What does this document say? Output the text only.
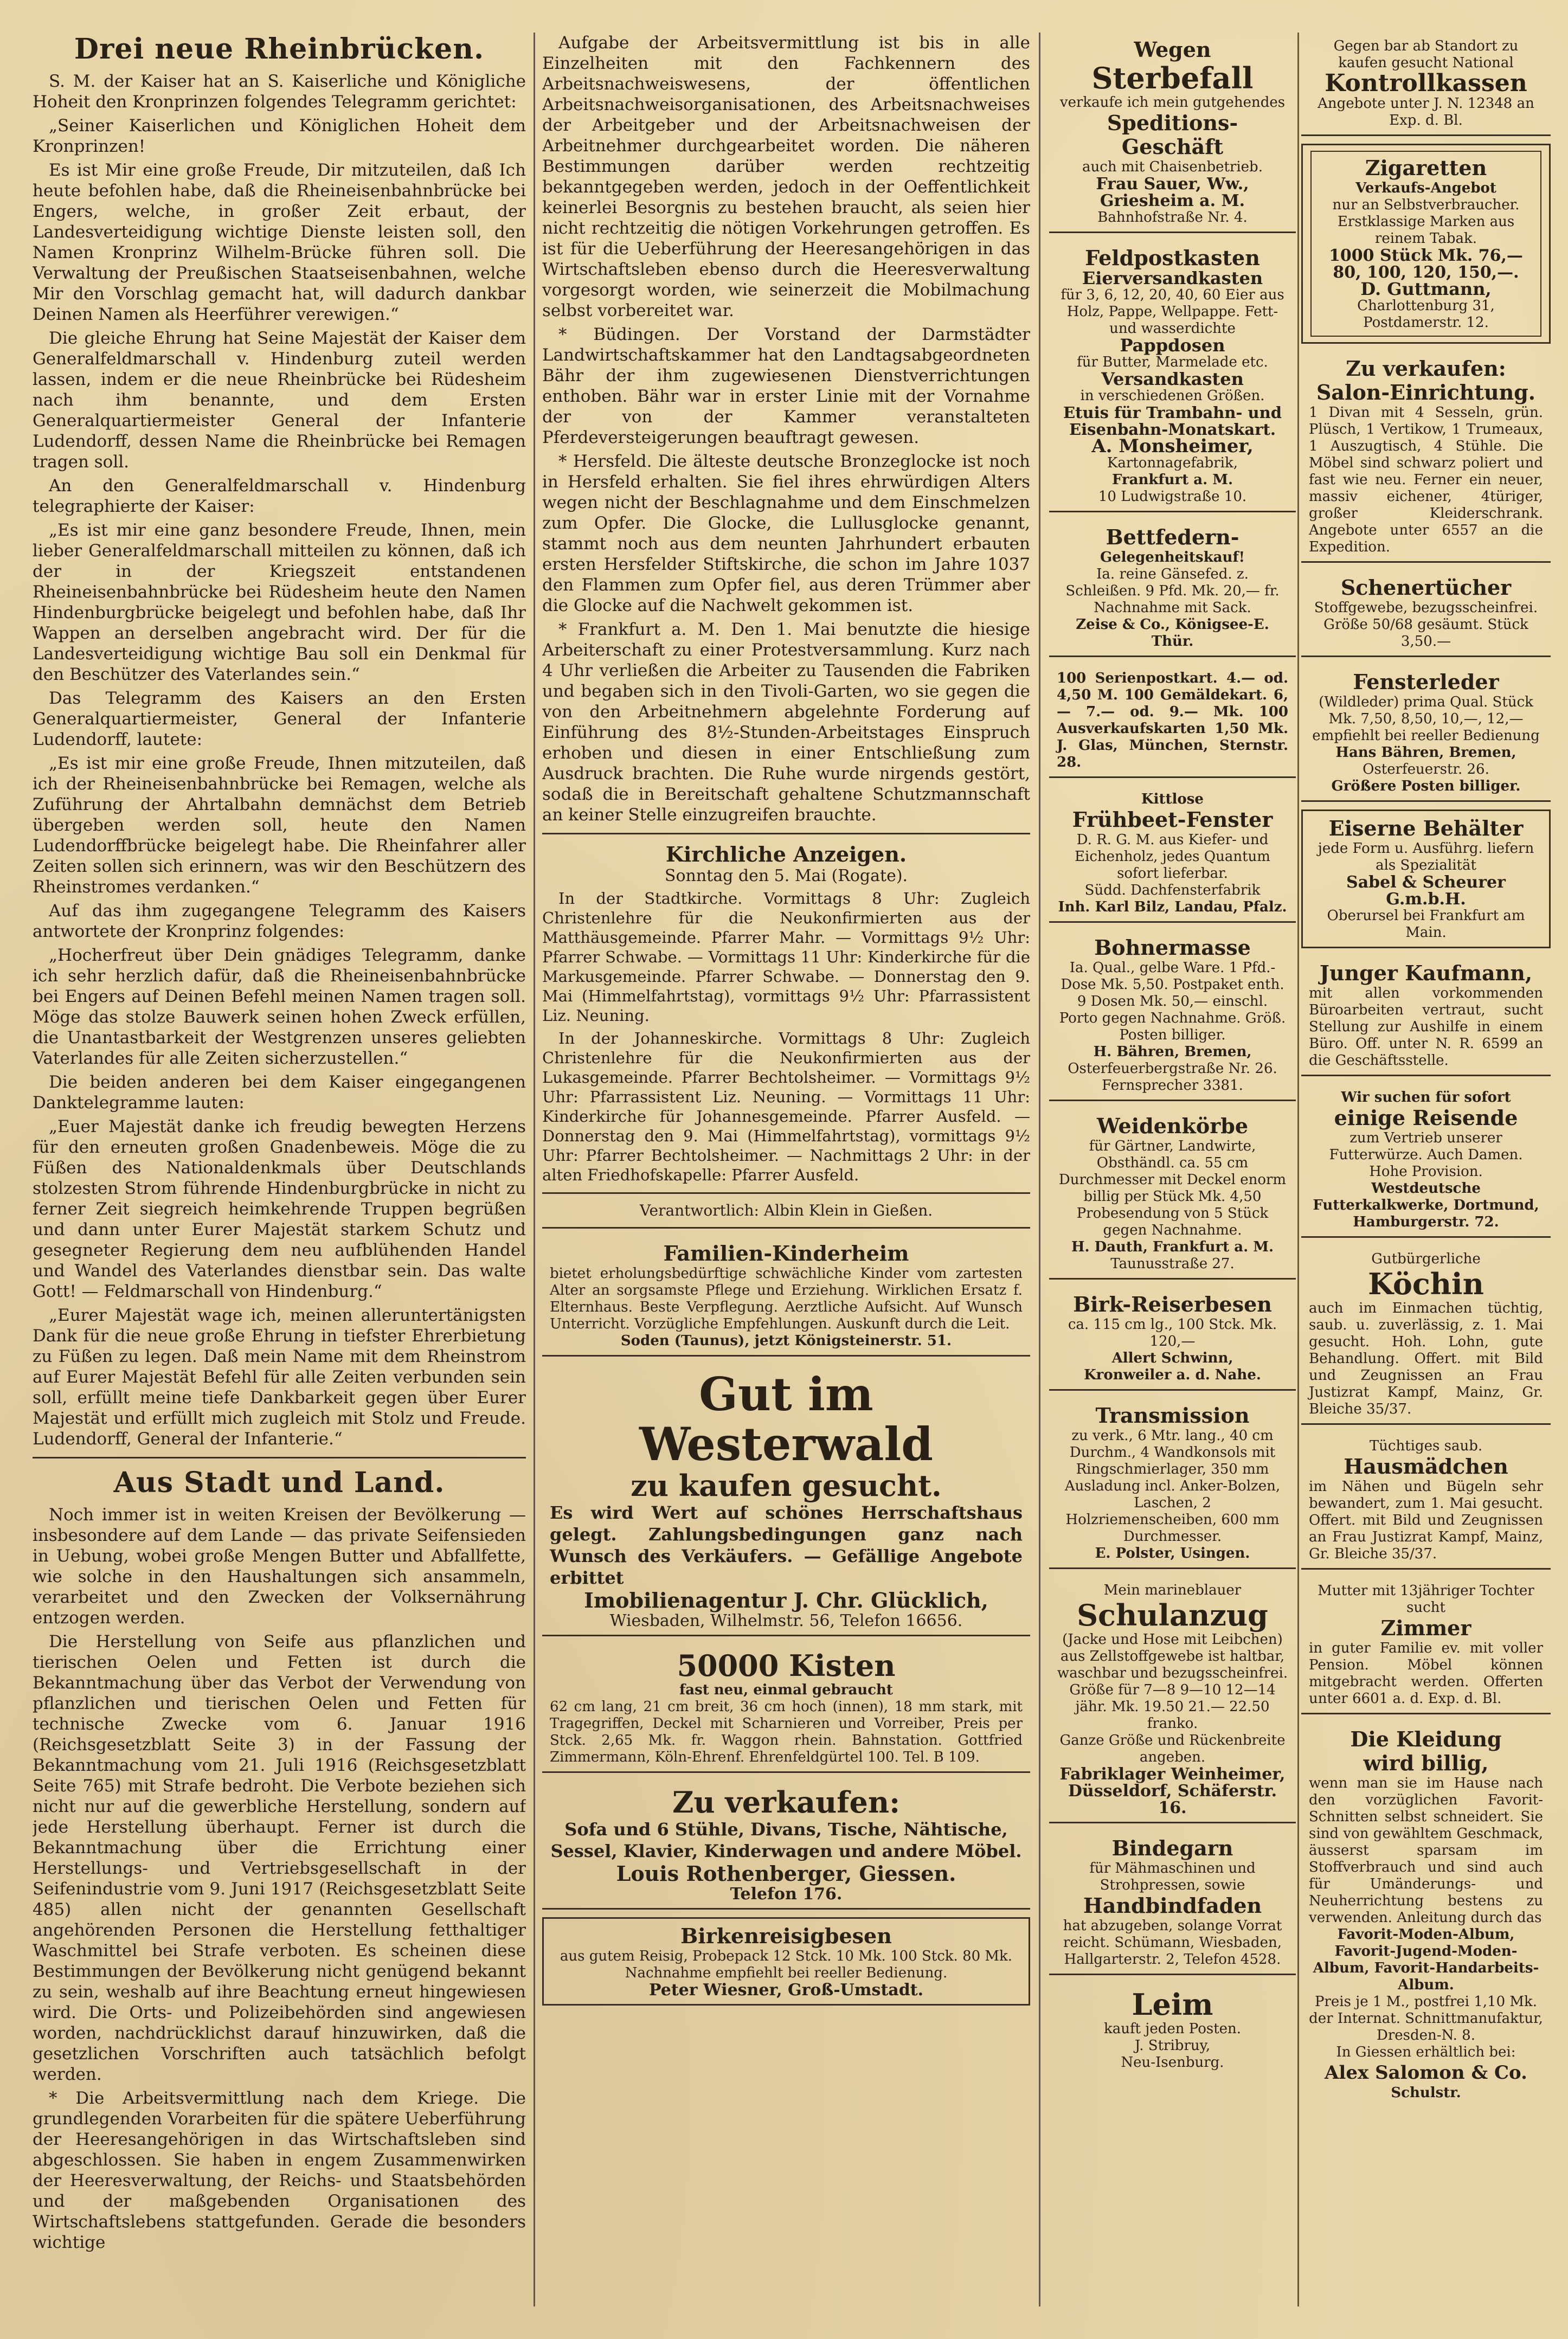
Drei neue Rheinbrücken.

S. M. der Kaiser hat an S. Kaiserliche und Königliche Hoheit den Kronprinzen folgendes Telegramm gerichtet:

„Seiner Kaiserlichen und Königlichen Hoheit dem Kronprinzen!

Es ist Mir eine große Freude, Dir mitzuteilen, daß Ich heute befohlen habe, daß die Rheineisenbahnbrücke bei Engers, welche, in großer Zeit erbaut, der Landesverteidigung wichtige Dienste leisten soll, den Namen Kronprinz Wilhelm-Brücke führen soll. Die Verwaltung der Preußischen Staatseisenbahnen, welche Mir den Vorschlag gemacht hat, will dadurch dankbar Deinen Namen als Heerführer verewigen.“

Die gleiche Ehrung hat Seine Majestät der Kaiser dem Generalfeldmarschall v. Hindenburg zuteil werden lassen, indem er die neue Rheinbrücke bei Rüdesheim nach ihm benannte, und dem Ersten Generalquartiermeister General der Infanterie Ludendorff, dessen Name die Rheinbrücke bei Remagen tragen soll.

An den Generalfeldmarschall v. Hindenburg telegraphierte der Kaiser:

„Es ist mir eine ganz besondere Freude, Ihnen, mein lieber Generalfeldmarschall mitteilen zu können, daß ich der in der Kriegszeit entstandenen Rheineisenbahnbrücke bei Rüdesheim heute den Namen Hindenburgbrücke beigelegt und befohlen habe, daß Ihr Wappen an derselben angebracht wird. Der für die Landesverteidigung wichtige Bau soll ein Denkmal für den Beschützer des Vaterlandes sein.“

Das Telegramm des Kaisers an den Ersten Generalquartiermeister, General der Infanterie Ludendorff, lautete:

„Es ist mir eine große Freude, Ihnen mitzuteilen, daß ich der Rheineisenbahnbrücke bei Remagen, welche als Zuführung der Ahrtalbahn demnächst dem Betrieb übergeben werden soll, heute den Namen Ludendorffbrücke beigelegt habe. Die Rheinfahrer aller Zeiten sollen sich erinnern, was wir den Beschützern des Rheinstromes verdanken.“

Auf das ihm zugegangene Telegramm des Kaisers antwortete der Kronprinz folgendes:

„Hocherfreut über Dein gnädiges Telegramm, danke ich sehr herzlich dafür, daß die Rheineisenbahnbrücke bei Engers auf Deinen Befehl meinen Namen tragen soll. Möge das stolze Bauwerk seinen hohen Zweck erfüllen, die Unantastbarkeit der Westgrenzen unseres geliebten Vaterlandes für alle Zeiten sicherzustellen.“

Die beiden anderen bei dem Kaiser eingegangenen Danktelegramme lauten:

„Euer Majestät danke ich freudig bewegten Herzens für den erneuten großen Gnadenbeweis. Möge die zu Füßen des Nationaldenkmals über Deutschlands stolzesten Strom führende Hindenburgbrücke in nicht zu ferner Zeit siegreich heimkehrende Truppen begrüßen und dann unter Eurer Majestät starkem Schutz und gesegneter Regierung dem neu aufblühenden Handel und Wandel des Vaterlandes dienstbar sein. Das walte Gott! — Feldmarschall von Hindenburg.“

„Eurer Majestät wage ich, meinen alleruntertänigsten Dank für die neue große Ehrung in tiefster Ehrerbietung zu Füßen zu legen. Daß mein Name mit dem Rheinstrom auf Eurer Majestät Befehl für alle Zeiten verbunden sein soll, erfüllt meine tiefe Dankbarkeit gegen über Eurer Majestät und erfüllt mich zugleich mit Stolz und Freude. Ludendorff, General der Infanterie.“

Aus Stadt und Land.

Noch immer ist in weiten Kreisen der Bevölkerung — insbesondere auf dem Lande — das private Seifensieden in Uebung, wobei große Mengen Butter und Abfallfette, wie solche in den Haushaltungen sich ansammeln, verarbeitet und den Zwecken der Volksernährung entzogen werden.

Die Herstellung von Seife aus pflanzlichen und tierischen Oelen und Fetten ist durch die Bekanntmachung über das Verbot der Verwendung von pflanzlichen und tierischen Oelen und Fetten für technische Zwecke vom 6. Januar 1916 (Reichsgesetzblatt Seite 3) in der Fassung der Bekanntmachung vom 21. Juli 1916 (Reichsgesetzblatt Seite 765) mit Strafe bedroht. Die Verbote beziehen sich nicht nur auf die gewerbliche Herstellung, sondern auf jede Herstellung überhaupt. Ferner ist durch die Bekanntmachung über die Errichtung einer Herstellungs- und Vertriebsgesellschaft in der Seifenindustrie vom 9. Juni 1917 (Reichsgesetzblatt Seite 485) allen nicht der genannten Gesellschaft angehörenden Personen die Herstellung fetthaltiger Waschmittel bei Strafe verboten. Es scheinen diese Bestimmungen der Bevölkerung nicht genügend bekannt zu sein, weshalb auf ihre Beachtung erneut hingewiesen wird. Die Orts- und Polizeibehörden sind angewiesen worden, nachdrücklichst darauf hinzuwirken, daß die gesetzlichen Vorschriften auch tatsächlich befolgt werden.

* Die Arbeitsvermittlung nach dem Kriege. Die grundlegenden Vorarbeiten für die spätere Ueberführung der Heeresangehörigen in das Wirtschaftsleben sind abgeschlossen. Sie haben in engem Zusammenwirken der Heeresverwaltung, der Reichs- und Staatsbehörden und der maßgebenden Organisationen des Wirtschaftslebens stattgefunden. Gerade die besonders wichtige

Aufgabe der Arbeitsvermittlung ist bis in alle Einzelheiten mit den Fachkennern des Arbeitsnachweiswesens, der öffentlichen Arbeitsnachweisorganisationen, des Arbeitsnachweises der Arbeitgeber und der Arbeitsnachweisen der Arbeitnehmer durchgearbeitet worden. Die näheren Bestimmungen darüber werden rechtzeitig bekanntgegeben werden, jedoch in der Oeffentlichkeit keinerlei Besorgnis zu bestehen braucht, als seien hier nicht rechtzeitig die nötigen Vorkehrungen getroffen. Es ist für die Ueberführung der Heeresangehörigen in das Wirtschaftsleben ebenso durch die Heeresverwaltung vorgesorgt worden, wie seinerzeit die Mobilmachung selbst vorbereitet war.

* Büdingen. Der Vorstand der Darmstädter Landwirtschaftskammer hat den Landtagsabgeordneten Bähr der ihm zugewiesenen Dienstverrichtungen enthoben. Bähr war in erster Linie mit der Vornahme der von der Kammer veranstalteten Pferdeversteigerungen beauftragt gewesen.

* Hersfeld. Die älteste deutsche Bronzeglocke ist noch in Hersfeld erhalten. Sie fiel ihres ehrwürdigen Alters wegen nicht der Beschlagnahme und dem Einschmelzen zum Opfer. Die Glocke, die Lullusglocke genannt, stammt noch aus dem neunten Jahrhundert erbauten ersten Hersfelder Stiftskirche, die schon im Jahre 1037 den Flammen zum Opfer fiel, aus deren Trümmer aber die Glocke auf die Nachwelt gekommen ist.

* Frankfurt a. M. Den 1. Mai benutzte die hiesige Arbeiterschaft zu einer Protestversammlung. Kurz nach 4 Uhr verließen die Arbeiter zu Tausenden die Fabriken und begaben sich in den Tivoli-Garten, wo sie gegen die von den Arbeitnehmern abgelehnte Forderung auf Einführung des 8½-Stunden-Arbeitstages Einspruch erhoben und diesen in einer Entschließung zum Ausdruck brachten. Die Ruhe wurde nirgends gestört, sodaß die in Bereitschaft gehaltene Schutzmannschaft an keiner Stelle einzugreifen brauchte.

Kirchliche Anzeigen.
Sonntag den 5. Mai (Rogate).

In der Stadtkirche. Vormittags 8 Uhr: Zugleich Christenlehre für die Neukonfirmierten aus der Matthäusgemeinde. Pfarrer Mahr. — Vormittags 9½ Uhr: Pfarrer Schwabe. — Vormittags 11 Uhr: Kinderkirche für die Markusgemeinde. Pfarrer Schwabe. — Donnerstag den 9. Mai (Himmelfahrtstag), vormittags 9½ Uhr: Pfarrassistent Liz. Neuning.

In der Johanneskirche. Vormittags 8 Uhr: Zugleich Christenlehre für die Neukonfirmierten aus der Lukasgemeinde. Pfarrer Bechtolsheimer. — Vormittags 9½ Uhr: Pfarrassistent Liz. Neuning. — Vormittags 11 Uhr: Kinderkirche für Johannesgemeinde. Pfarrer Ausfeld. — Donnerstag den 9. Mai (Himmelfahrtstag), vormittags 9½ Uhr: Pfarrer Bechtolsheimer. — Nachmittags 2 Uhr: in der alten Friedhofskapelle: Pfarrer Ausfeld.

Verantwortlich: Albin Klein in Gießen.
Familien-Kinderheim
bietet erholungsbedürftige schwächliche Kinder vom zartesten Alter an sorgsamste Pflege und Erziehung. Wirklichen Ersatz f. Elternhaus. Beste Verpflegung. Aerztliche Aufsicht. Auf Wunsch Unterricht. Vorzügliche Empfehlungen. Auskunft durch die Leit.
Soden (Taunus), jetzt Königsteinerstr. 51.
Gut im Westerwald
zu kaufen gesucht.
Es wird Wert auf schönes Herrschaftshaus gelegt. Zahlungsbedingungen ganz nach Wunsch des Verkäufers. — Gefällige Angebote erbittet
Imobilienagentur J. Chr. Glücklich,
Wiesbaden, Wilhelmstr. 56, Telefon 16656.
50000 Kisten
fast neu, einmal gebraucht
62 cm lang, 21 cm breit, 36 cm hoch (innen), 18 mm stark, mit Tragegriffen, Deckel mit Scharnieren und Vorreiber, Preis per Stck. 2,65 Mk. fr. Waggon rhein. Bahnstation. Gottfried Zimmermann, Köln-Ehrenf. Ehrenfeldgürtel 100. Tel. B 109.
Zu verkaufen:
Sofa und 6 Stühle, Divans, Tische, Nähtische, Sessel, Klavier, Kinderwagen und andere Möbel.
Louis Rothenberger, Giessen.
Telefon 176.
Birkenreisigbesen
aus gutem Reisig, Probepack 12 Stck. 10 Mk. 100 Stck. 80 Mk. Nachnahme empfiehlt bei reeller Bedienung.
Peter Wiesner, Groß-Umstadt.
Wegen
Sterbefall
verkaufe ich mein gutgehendes
Speditions-Geschäft
auch mit Chaisenbetrieb.
Frau Sauer, Ww.,
Griesheim a. M.
Bahnhofstraße Nr. 4.
Feldpostkasten
Eierversandkasten
für 3, 6, 12, 20, 40, 60 Eier aus Holz, Pappe, Wellpappe. Fett- und wasserdichte
Pappdosen
für Butter, Marmelade etc.
Versandkasten
in verschiedenen Größen.
Etuis für Trambahn- und Eisenbahn-Monatskart.
A. Monsheimer,
Kartonnagefabrik,
Frankfurt a. M.
10 Ludwigstraße 10.
Bettfedern-
Gelegenheitskauf!
Ia. reine Gänsefed. z. Schleißen. 9 Pfd. Mk. 20,— fr. Nachnahme mit Sack.
Zeise & Co., Königsee-E. Thür.
100 Serienpostkart. 4.— od. 4,50 M. 100 Gemäldekart. 6,— 7.— od. 9.— Mk. 100 Ausverkaufskarten 1,50 Mk. J. Glas, München, Sternstr. 28.
Kittlose
Frühbeet-Fenster
D. R. G. M. aus Kiefer- und Eichenholz, jedes Quantum sofort lieferbar.
Südd. Dachfensterfabrik
Inh. Karl Bilz, Landau, Pfalz.
Bohnermasse
Ia. Qual., gelbe Ware. 1 Pfd.-Dose Mk. 5,50. Postpaket enth. 9 Dosen Mk. 50,— einschl. Porto gegen Nachnahme. Größ. Posten billiger.
H. Bähren, Bremen,
Osterfeuerbergstraße Nr. 26.
Fernsprecher 3381.
Weidenkörbe
für Gärtner, Landwirte, Obsthändl. ca. 55 cm Durchmesser mit Deckel enorm billig per Stück Mk. 4,50 Probesendung von 5 Stück gegen Nachnahme.
H. Dauth, Frankfurt a. M.
Taunusstraße 27.
Birk-Reiserbesen
ca. 115 cm lg., 100 Stck. Mk. 120,—
Allert Schwinn,
Kronweiler a. d. Nahe.
Transmission
zu verk., 6 Mtr. lang., 40 cm Durchm., 4 Wandkonsols mit Ringschmierlager, 350 mm Ausladung incl. Anker-Bolzen, Laschen, 2 Holzriemenscheiben, 600 mm Durchmesser.
E. Polster, Usingen.
Mein marineblauer
Schulanzug
(Jacke und Hose mit Leibchen) aus Zellstoffgewebe ist haltbar, waschbar und bezugsscheinfrei.
Größe für 7—8 9—10 12—14 jähr. Mk. 19.50 21.— 22.50 franko.
Ganze Größe und Rückenbreite angeben.
Fabriklager Weinheimer,
Düsseldorf, Schäferstr. 16.
Bindegarn
für Mähmaschinen und Strohpressen, sowie
Handbindfaden
hat abzugeben, solange Vorrat reicht. Schümann, Wiesbaden, Hallgarterstr. 2, Telefon 4528.
Leim
kauft jeden Posten.
J. Stribruy,
Neu-Isenburg.
Gegen bar ab Standort zu kaufen gesucht National
Kontrollkassen
Angebote unter J. N. 12348 an Exp. d. Bl.
Zigaretten
Verkaufs-Angebot
nur an Selbstverbraucher. Erstklassige Marken aus reinem Tabak.
1000 Stück Mk. 76,— 80, 100, 120, 150,—.
D. Guttmann,
Charlottenburg 31, Postdamerstr. 12.
Zu verkaufen:
Salon-Einrichtung.
1 Divan mit 4 Sesseln, grün. Plüsch, 1 Vertikow, 1 Trumeaux, 1 Auszugtisch, 4 Stühle. Die Möbel sind schwarz poliert und fast wie neu. Ferner ein neuer, massiv eichener, 4türiger, großer Kleiderschrank. Angebote unter 6557 an die Expedition.
Schenertücher
Stoffgewebe, bezugsscheinfrei. Größe 50/68 gesäumt. Stück 3,50.—
Fensterleder
(Wildleder) prima Qual. Stück Mk. 7,50, 8,50, 10,—, 12,— empfiehlt bei reeller Bedienung
Hans Bähren, Bremen,
Osterfeuerstr. 26.
Größere Posten billiger.
Eiserne Behälter
jede Form u. Ausführg. liefern als Spezialität
Sabel & Scheurer G.m.b.H.
Oberursel bei Frankfurt am Main.
Junger Kaufmann,
mit allen vorkommenden Büroarbeiten vertraut, sucht Stellung zur Aushilfe in einem Büro. Off. unter N. R. 6599 an die Geschäftsstelle.
Wir suchen für sofort
einige Reisende
zum Vertrieb unserer Futterwürze. Auch Damen. Hohe Provision.
Westdeutsche Futterkalkwerke, Dortmund, Hamburgerstr. 72.
Gutbürgerliche
Köchin
auch im Einmachen tüchtig, saub. u. zuverlässig, z. 1. Mai gesucht. Hoh. Lohn, gute Behandlung. Offert. mit Bild und Zeugnissen an Frau Justizrat Kampf, Mainz, Gr. Bleiche 35/37.
Tüchtiges saub.
Hausmädchen
im Nähen und Bügeln sehr bewandert, zum 1. Mai gesucht. Offert. mit Bild und Zeugnissen an Frau Justizrat Kampf, Mainz, Gr. Bleiche 35/37.
Mutter mit 13jähriger Tochter sucht
Zimmer
in guter Familie ev. mit voller Pension. Möbel können mitgebracht werden. Offerten unter 6601 a. d. Exp. d. Bl.
Die Kleidung
wird billig,
wenn man sie im Hause nach den vorzüglichen Favorit-Schnitten selbst schneidert. Sie sind von gewähltem Geschmack, äusserst sparsam im Stoffverbrauch und sind auch für Umänderungs- und Neuherrichtung bestens zu verwenden. Anleitung durch das
Favorit-Moden-Album, Favorit-Jugend-Moden-Album, Favorit-Handarbeits-Album.
Preis je 1 M., postfrei 1,10 Mk. der Internat. Schnittmanufaktur, Dresden-N. 8.
In Giessen erhältlich bei:
Alex Salomon & Co.
Schulstr.
